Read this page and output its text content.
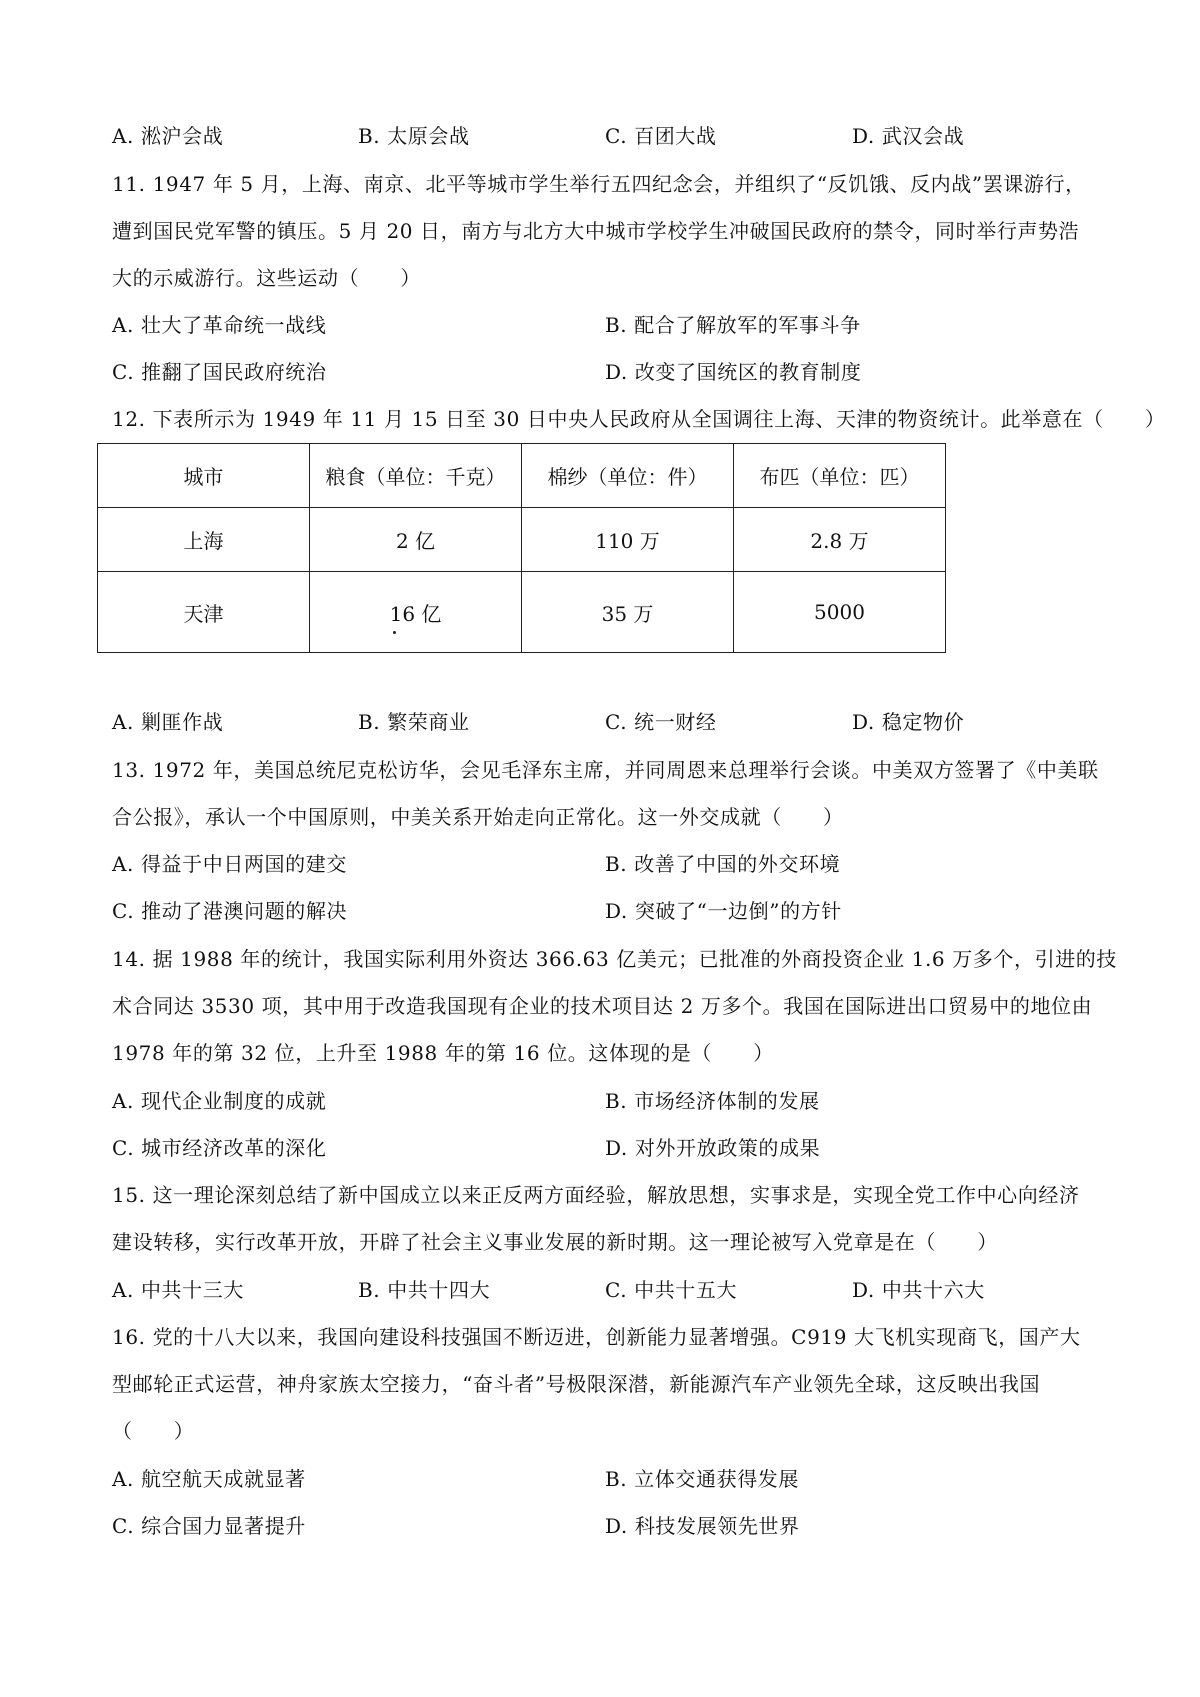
A. 淞沪会战	B. 太原会战	C. 百团大战	D. 武汉会战
11. 1947 年 5 月，上海、南京、北平等城市学生举行五四纪念会，并组织了“反饥饿、反内战”罢课游行，
遭到国民党军警的镇压。5 月 20 日，南方与北方大中城市学校学生冲破国民政府的禁令，同时举行声势浩
大的示威游行。这些运动（　　）
A. 壮大了革命统一战线	B. 配合了解放军的军事斗争
C. 推翻了国民政府统治	D. 改变了国统区的教育制度
12. 下表所示为 1949 年 11 月 15 日至 30 日中央人民政府从全国调往上海、天津的物资统计。此举意在（　　）
城市	粮食（单位：千克）	棉纱（单位：件）	布匹（单位：匹）
上海	2 亿	110 万	2.8 万
天津	16 亿	35 万	5000
A. 剿匪作战	B. 繁荣商业	C. 统一财经	D. 稳定物价
13. 1972 年，美国总统尼克松访华，会见毛泽东主席，并同周恩来总理举行会谈。中美双方签署了《中美联
合公报》，承认一个中国原则，中美关系开始走向正常化。这一外交成就（　　）
A. 得益于中日两国的建交	B. 改善了中国的外交环境
C. 推动了港澳问题的解决	D. 突破了“一边倒”的方针
14. 据 1988 年的统计，我国实际利用外资达 366.63 亿美元；已批准的外商投资企业 1.6 万多个，引进的技
术合同达 3530 项，其中用于改造我国现有企业的技术项目达 2 万多个。我国在国际进出口贸易中的地位由
1978 年的第 32 位，上升至 1988 年的第 16 位。这体现的是（　　）
A. 现代企业制度的成就	B. 市场经济体制的发展
C. 城市经济改革的深化	D. 对外开放政策的成果
15. 这一理论深刻总结了新中国成立以来正反两方面经验，解放思想，实事求是，实现全党工作中心向经济
建设转移，实行改革开放，开辟了社会主义事业发展的新时期。这一理论被写入党章是在（　　）
A. 中共十三大	B. 中共十四大	C. 中共十五大	D. 中共十六大
16. 党的十八大以来，我国向建设科技强国不断迈进，创新能力显著增强。C919 大飞机实现商飞，国产大
型邮轮正式运营，神舟家族太空接力，“奋斗者”号极限深潜，新能源汽车产业领先全球，这反映出我国
（　　）
A. 航空航天成就显著	B. 立体交通获得发展
C. 综合国力显著提升	D. 科技发展领先世界
